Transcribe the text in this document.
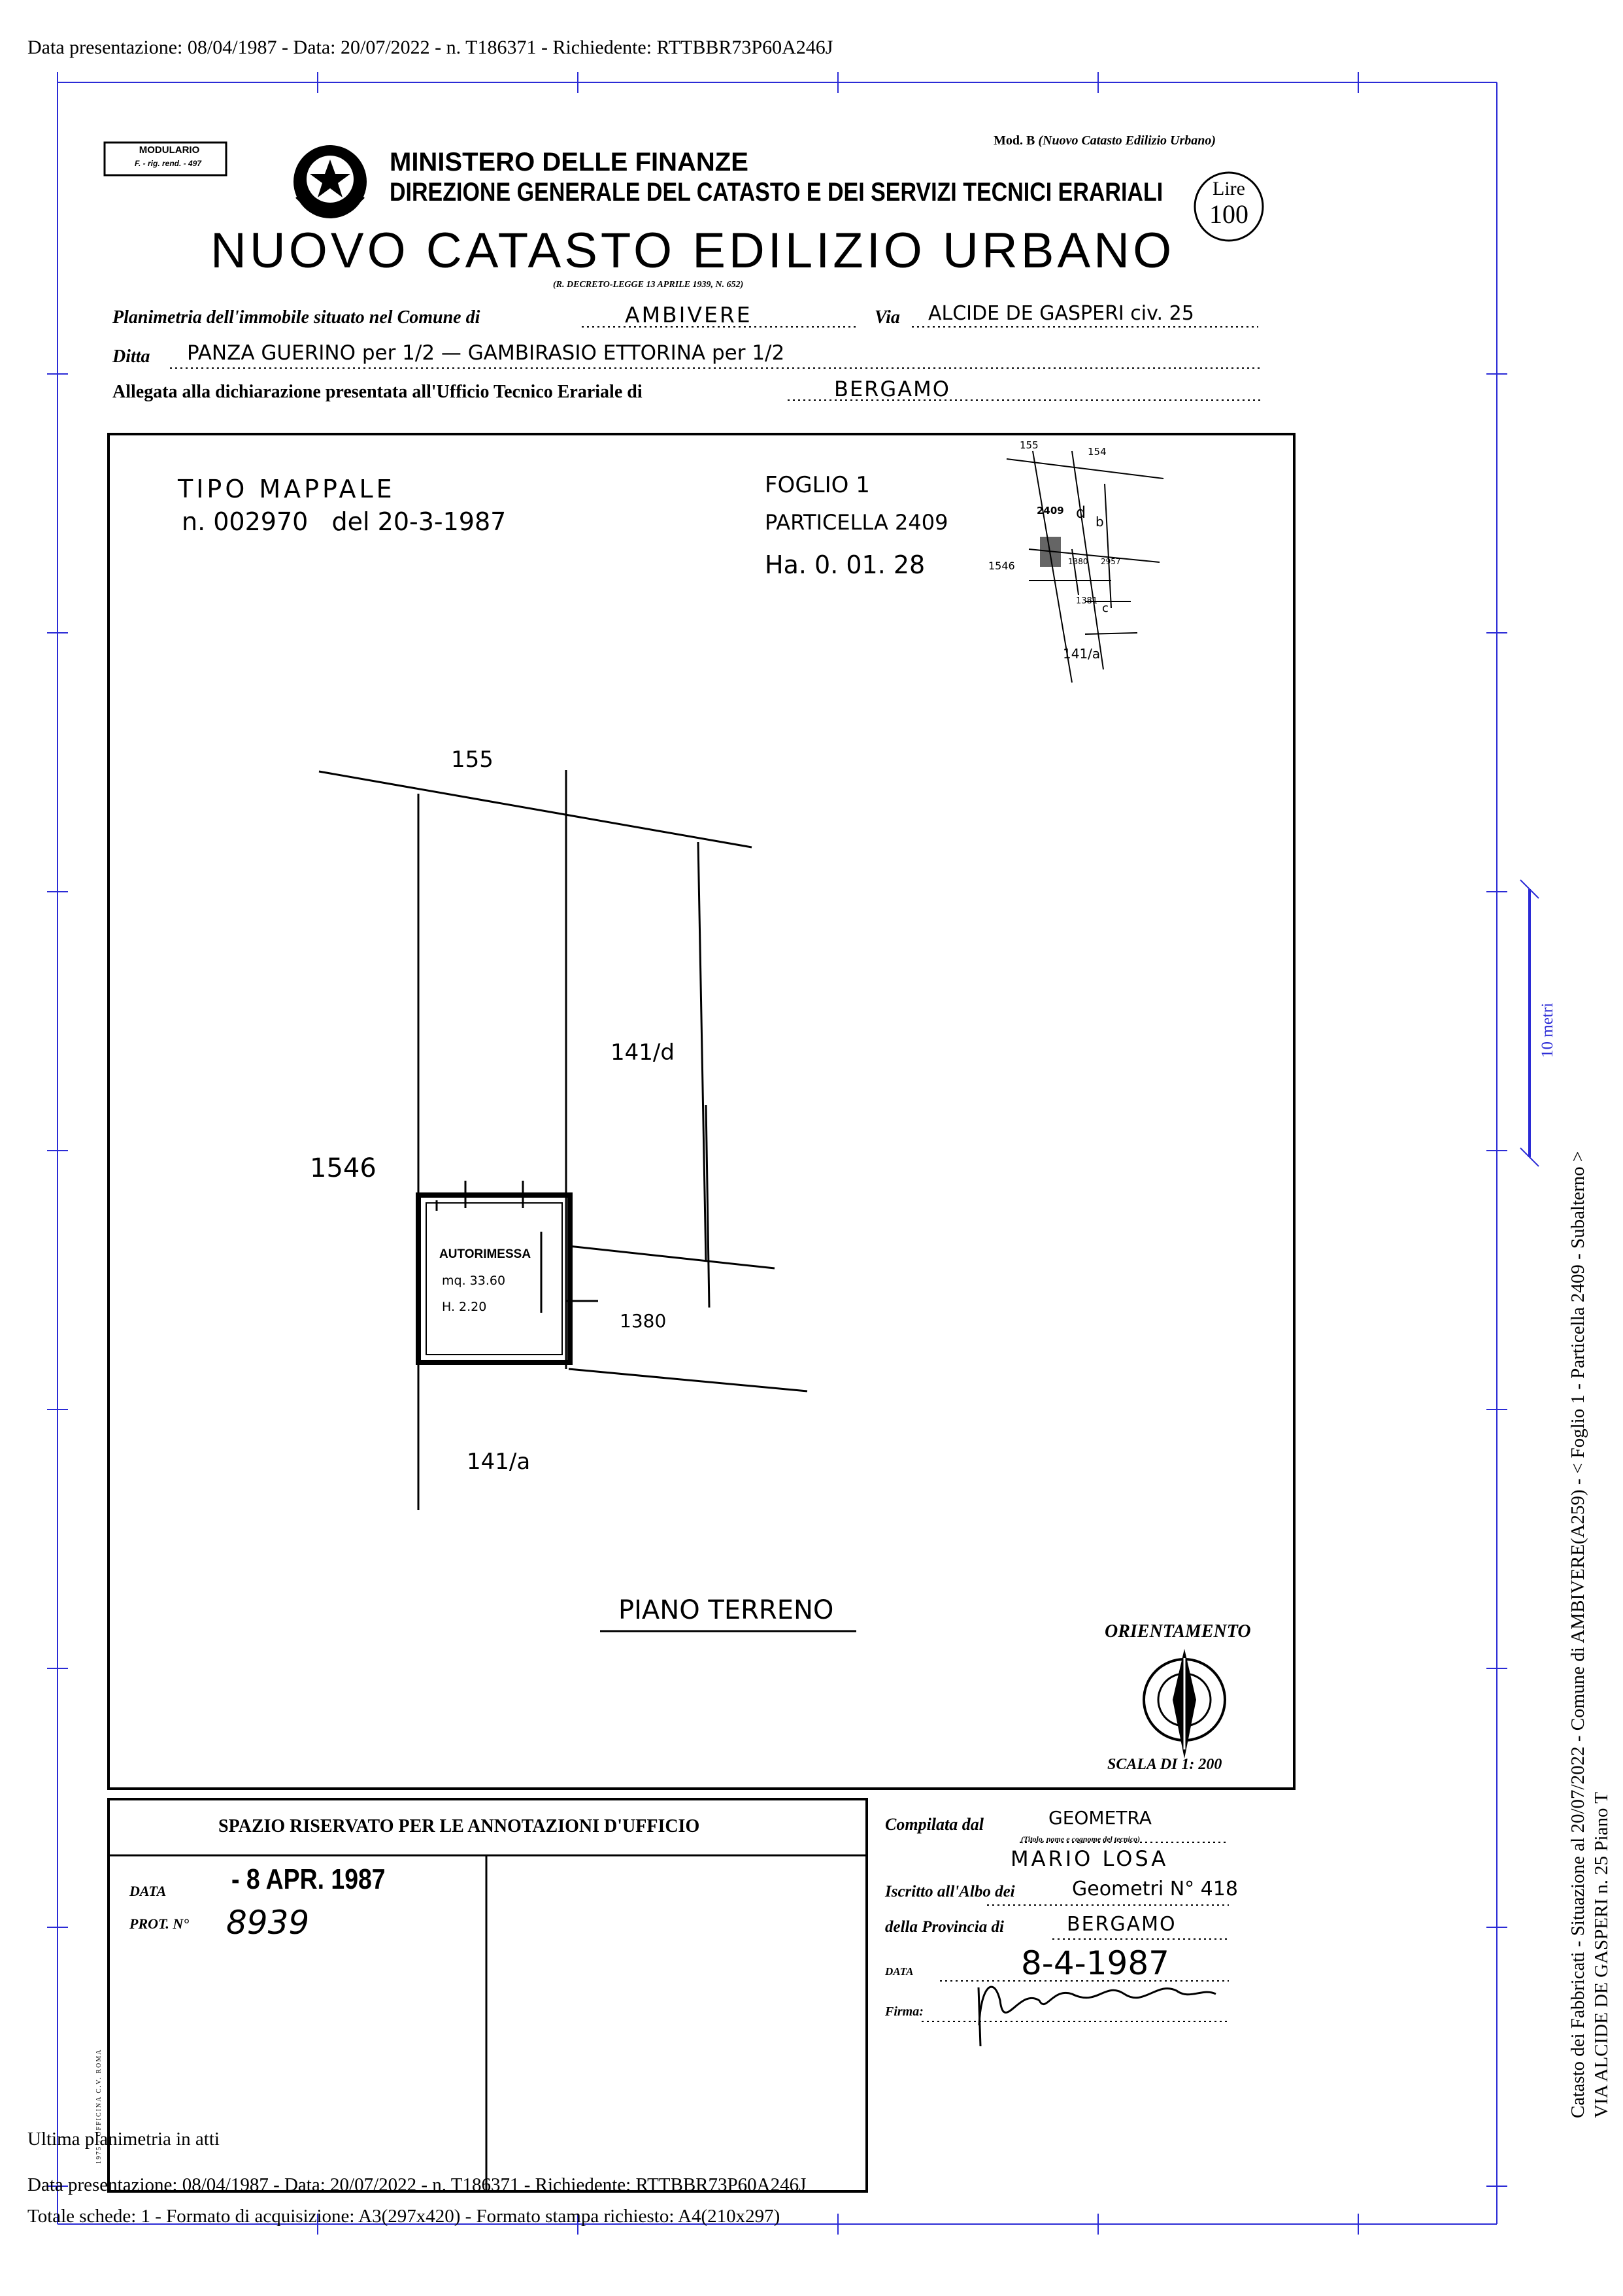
Data presentazione: 08/04/1987 - Data: 20/07/2022 - n. T186371 - Richiedente: RTTBBR73P60A246J
MODULARIO
F. - rig. rend. - 497
Mod. B (Nuovo Catasto Edilizio Urbano)
MINISTERO DELLE FINANZE
DIREZIONE GENERALE DEL CATASTO E DEI SERVIZI TECNICI ERARIALI	Lire
100
NUOVO CATASTO EDILIZIO URBANO
(R. DECRETO-LEGGE 13 APRILE 1939, N. 652)
Planimetria dell'immobile situato nel Comune di	AMBIVERE	Via ALCIDE DE GASPERI civ. 25
Ditta PANZA GUERINO per 1/2 — GAMBIRASIO ETTORINA per 1/2
Allegata alla dichiarazione presentata all'Ufficio Tecnico Erariale di	BERGAMO
TIPO MAPPALE
n. 002970   del 20-3-1987
FOGLIO 1
PARTICELLA 2409
Ha. 0. 01. 28
155
154
2409 d b
1546	1380 2957
1381
c
141/a
155
141/d
1546
1380
141/a
AUTORIMESSA
mq. 33.60
H. 2.20
PIANO TERRENO
ORIENTAMENTO
SCALA DI 1: 200
SPAZIO RISERVATO PER LE ANNOTAZIONI D'UFFICIO
DATA - 8 APR. 1987
PROT. N° 8939
1975 - OFFICINA C.V. ROMA
Compilata dal	GEOMETRA
(Titolo, nome e cognome del tecnico)
MARIO LOSA
Iscritto all'Albo dei	Geometri N° 418
della Provincia di	BERGAMO
DATA	8-4-1987
Firma:
10 metri
Catasto dei Fabbricati - Situazione al 20/07/2022 - Comune di AMBIVERE(A259) - < Foglio 1 - Particella 2409 - Subalterno > VIA ALCIDE DE GASPERI n. 25 Piano T
Ultima planimetria in atti
Data presentazione: 08/04/1987 - Data: 20/07/2022 - n. T186371 - Richiedente: RTTBBR73P60A246J
Totale schede: 1 - Formato di acquisizione: A3(297x420) - Formato stampa richiesto: A4(210x297)
